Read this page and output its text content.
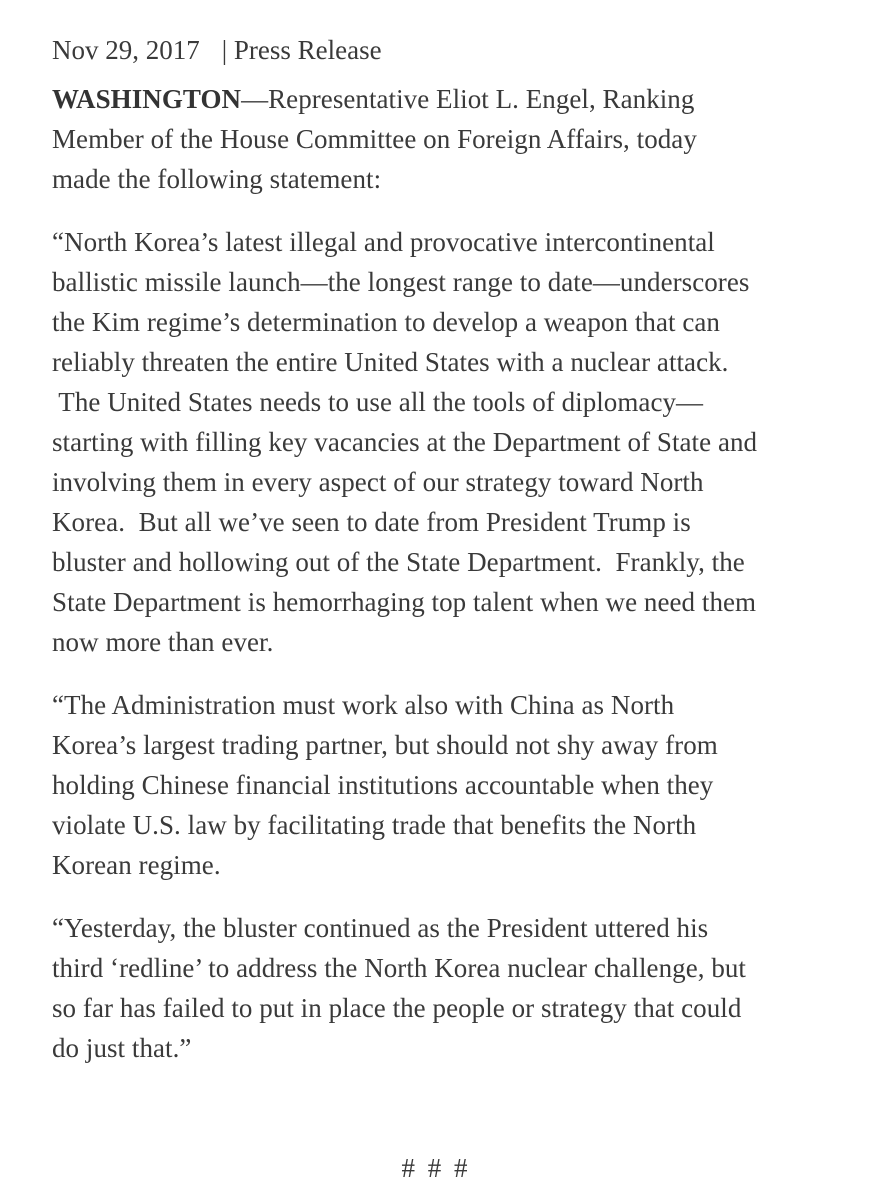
Nov 29, 2017 | Press Release

WASHINGTON—Representative Eliot L. Engel, Ranking
Member of the House Committee on Foreign Affairs, today
made the following statement:

“North Korea’s latest illegal and provocative intercontinental
ballistic missile launch—the longest range to date—underscores
the Kim regime’s determination to develop a weapon that can
reliably threaten the entire United States with a nuclear attack.
The United States needs to use all the tools of diplomacy—
starting with filling key vacancies at the Department of State and
involving them in every aspect of our strategy toward North
Korea.  But all we’ve seen to date from President Trump is
bluster and hollowing out of the State Department.  Frankly, the
State Department is hemorrhaging top talent when we need them
now more than ever.

“The Administration must work also with China as North
Korea’s largest trading partner, but should not shy away from
holding Chinese financial institutions accountable when they
violate U.S. law by facilitating trade that benefits the North
Korean regime.

“Yesterday, the bluster continued as the President uttered his
third ‘redline’ to address the North Korea nuclear challenge, but
so far has failed to put in place the people or strategy that could
do just that.”

# # #
